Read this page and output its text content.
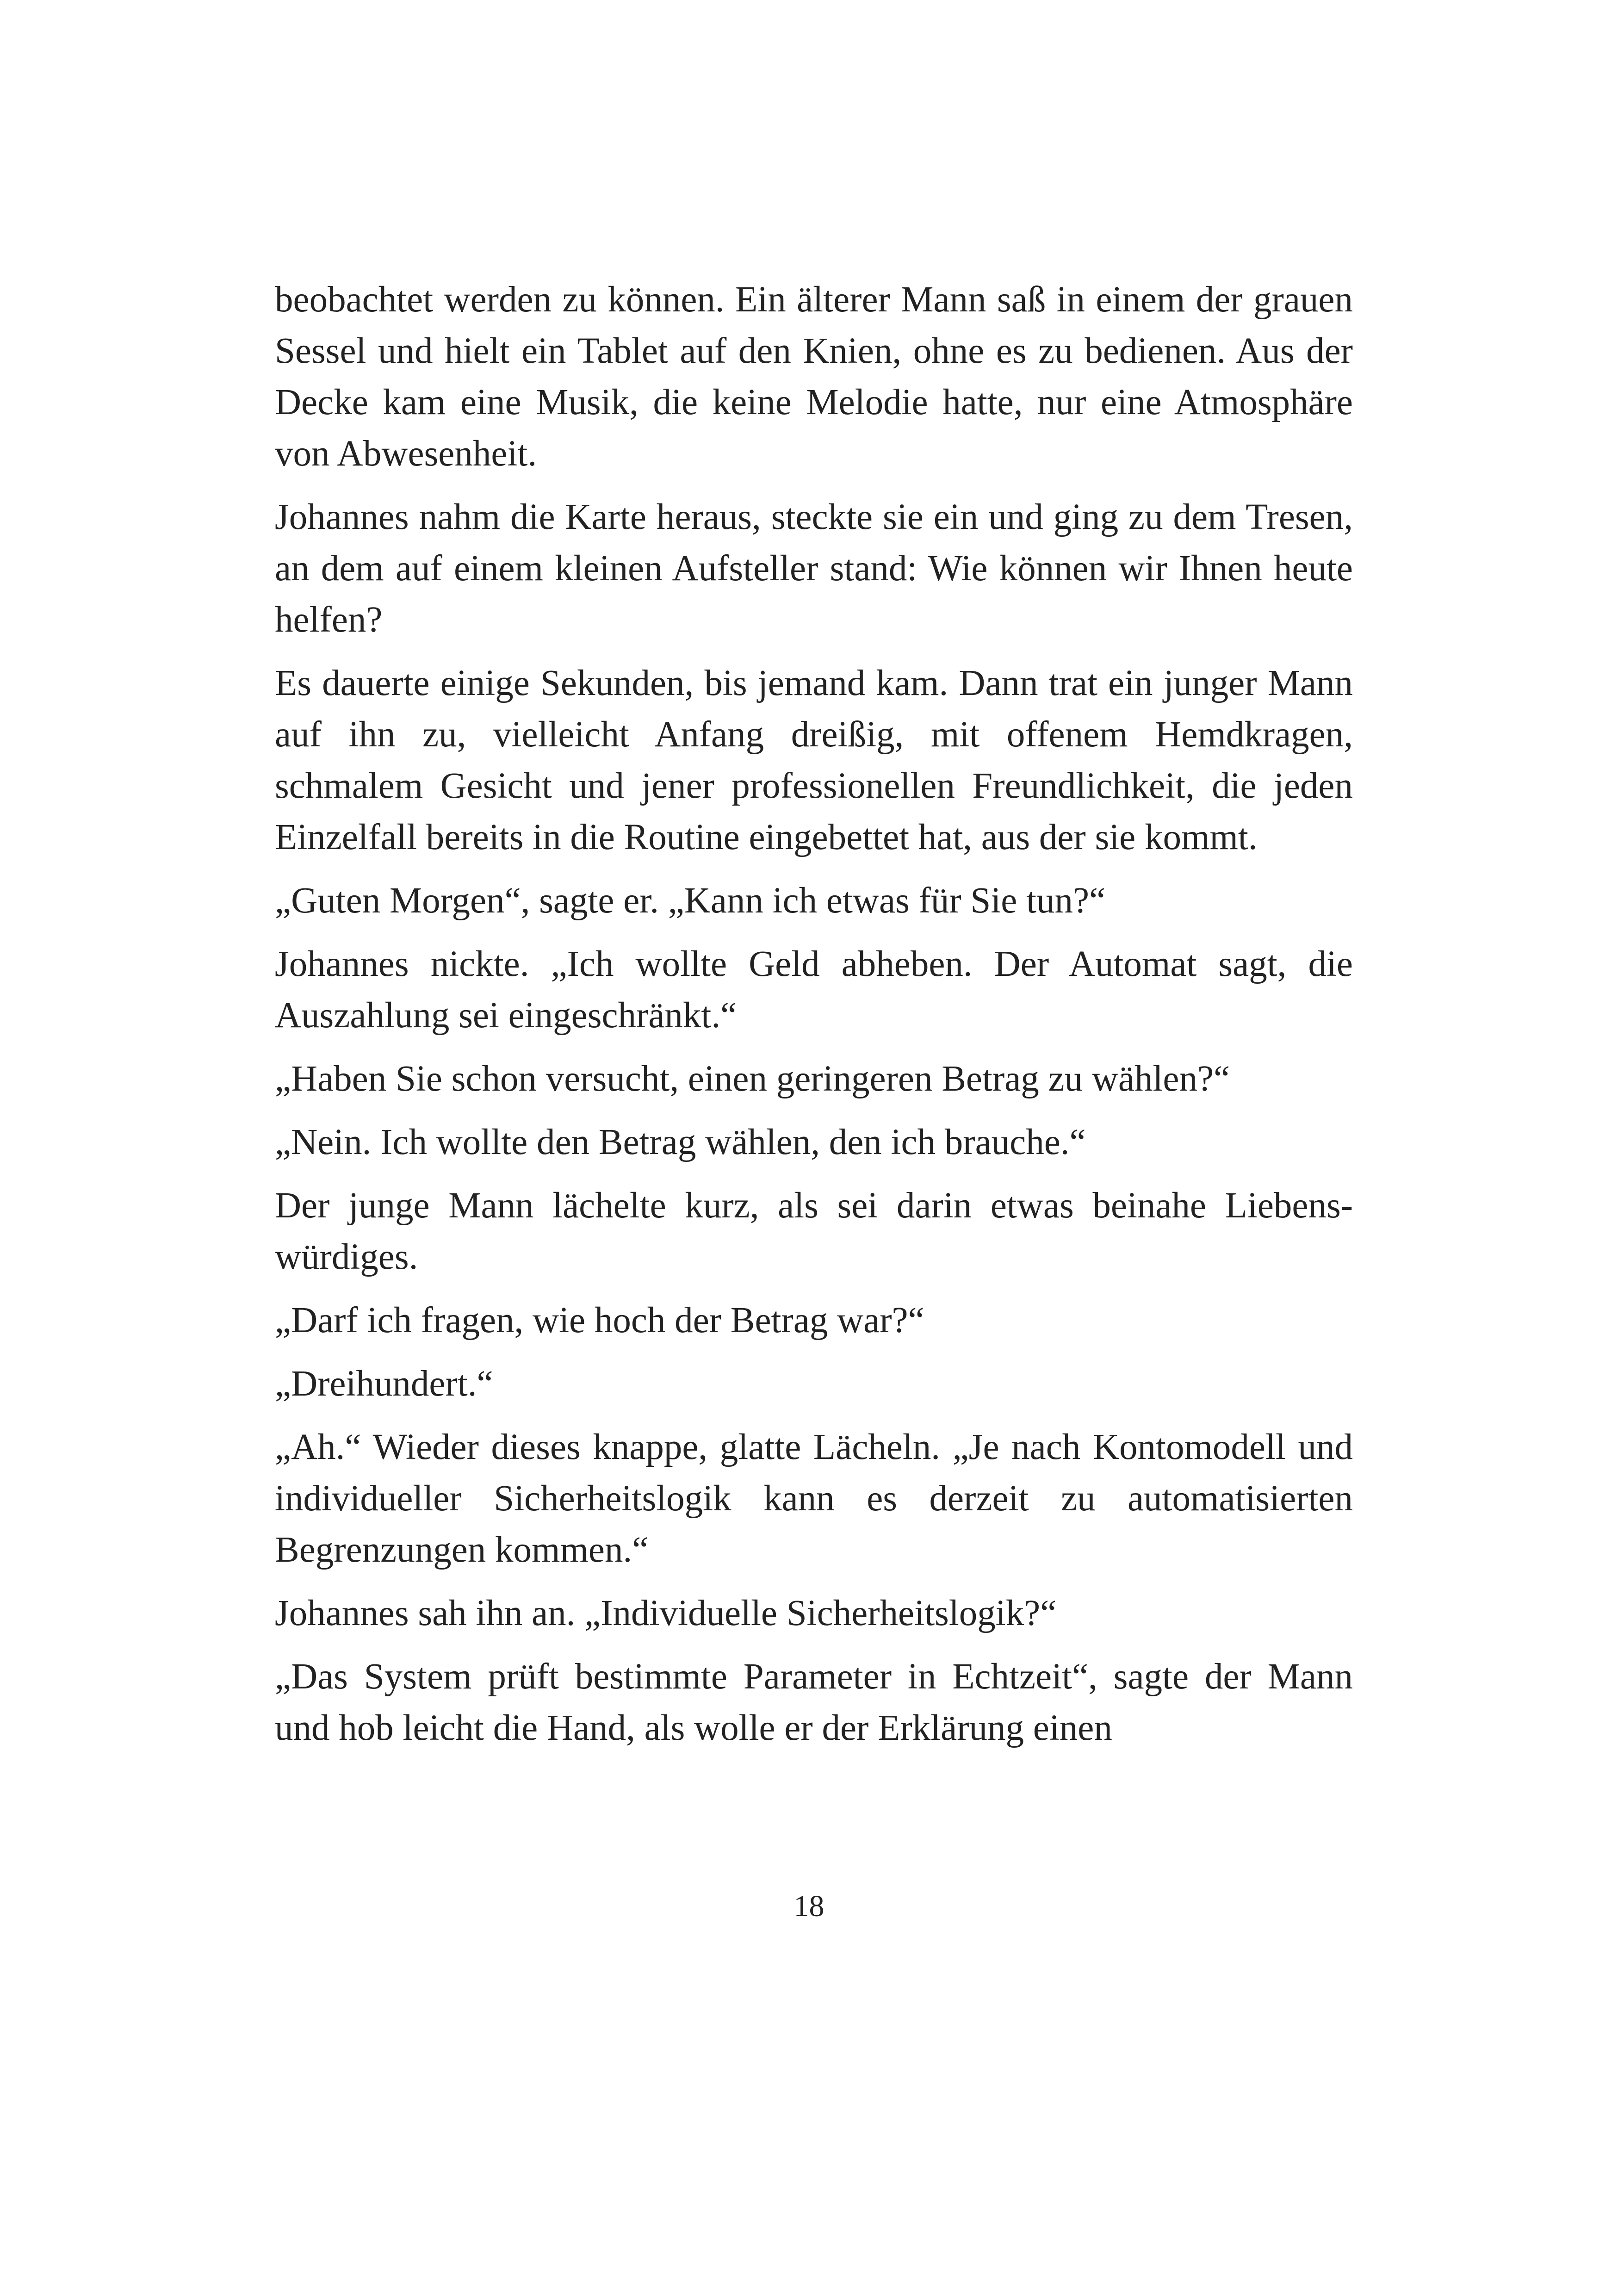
beobachtet werden zu können. Ein älterer Mann saß in einem der grauen Sessel und hielt ein Tablet auf den Knien, ohne es zu bedienen. Aus der Decke kam eine Musik, die keine Melodie hatte, nur eine Atmosphäre von Abwesenheit.

Johannes nahm die Karte heraus, steckte sie ein und ging zu dem Tresen, an dem auf einem kleinen Aufsteller stand: Wie können wir Ihnen heute helfen?

Es dauerte einige Sekunden, bis jemand kam. Dann trat ein junger Mann auf ihn zu, vielleicht Anfang dreißig, mit offenem Hemdkragen, schmalem Gesicht und jener professionellen Freundlichkeit, die jeden Einzelfall bereits in die Routine eingebettet hat, aus der sie kommt.

„Guten Morgen“, sagte er. „Kann ich etwas für Sie tun?“

Johannes nickte. „Ich wollte Geld abheben. Der Automat sagt, die Auszahlung sei eingeschränkt.“

„Haben Sie schon versucht, einen geringeren Betrag zu wählen?“

„Nein. Ich wollte den Betrag wählen, den ich brauche.“

Der junge Mann lächelte kurz, als sei darin etwas beinahe Liebenswürdiges.

„Darf ich fragen, wie hoch der Betrag war?“

„Dreihundert.“

„Ah.“ Wieder dieses knappe, glatte Lächeln. „Je nach Kontomodell und individueller Sicherheitslogik kann es derzeit zu automatisierten Begrenzungen kommen.“

Johannes sah ihn an. „Individuelle Sicherheitslogik?“

„Das System prüft bestimmte Parameter in Echtzeit“, sagte der Mann und hob leicht die Hand, als wolle er der Erklärung einen

18
